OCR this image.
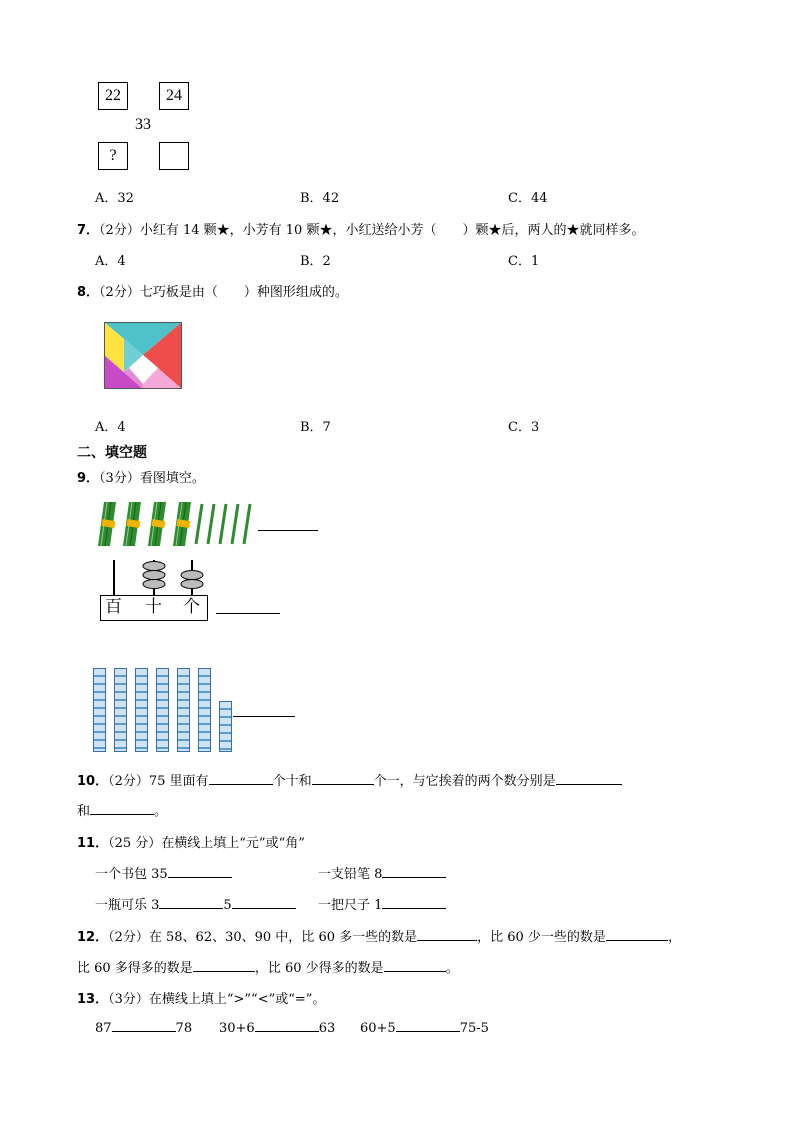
22	24
33
?
A．32	B．42	C．44
7．（2分）小红有 14 颗★，小芳有 10 颗★，小红送给小芳（　　）颗★后，两人的★就同样多。
A．4	B．2	C．1
8．（2分）七巧板是由（　　）种图形组成的。
A．4	B．7	C．3
二、填空题
9．（3分）看图填空。
百 十 个
10．（2分）75 里面有	个十和	个一，与它挨着的两个数分别是
和	。
11．（25 分）在横线上填上“元”或“角”
一个书包 35	一支铅笔 8
一瓶可乐 3	5	一把尺子 1
12．（2分）在 58、62、30、90 中，比 60 多一些的数是	，比 60 少一些的数是	，
比 60 多得多的数是	，比 60 少得多的数是	。
13．（3分）在横线上填上“>”“<”或“=”。
87	78 30+6	63 60+5	75-5
